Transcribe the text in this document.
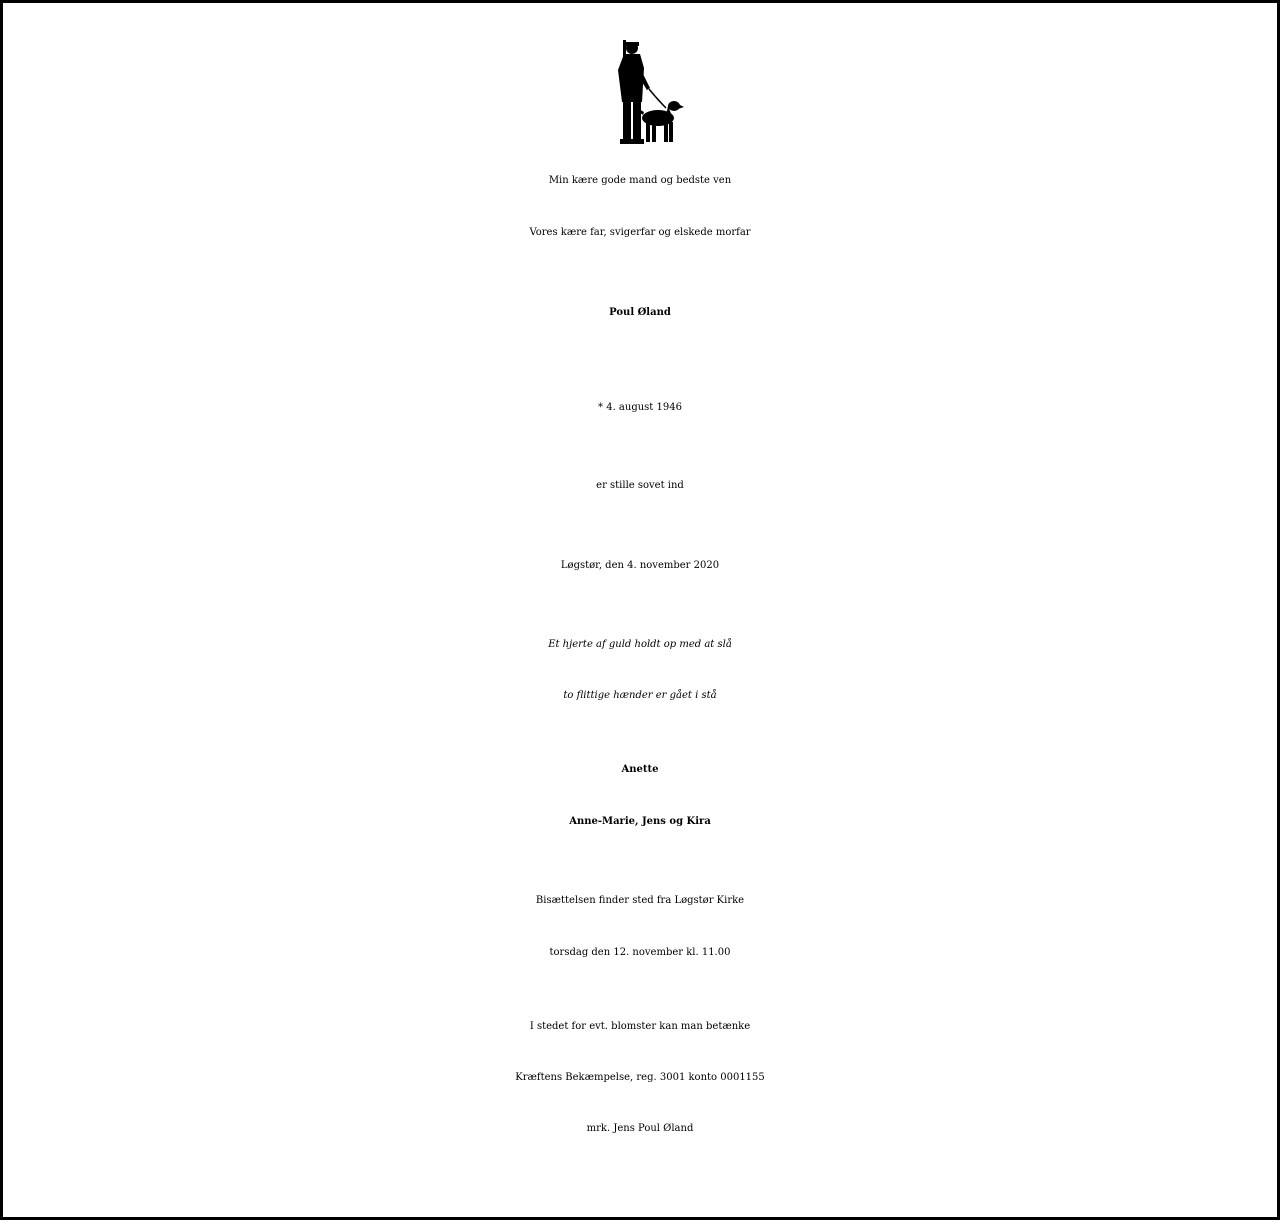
Min kære gode mand og bedste ven
Vores kære far, svigerfar og elskede morfar
Poul Øland
* 4. august 1946
er stille sovet ind
Løgstør, den 4. november 2020
Et hjerte af guld holdt op med at slå
to flittige hænder er gået i stå
Anette
Anne-Marie, Jens og Kira
Bisættelsen finder sted fra Løgstør Kirke
torsdag den 12. november kl. 11.00
I stedet for evt. blomster kan man betænke
Kræftens Bekæmpelse, reg. 3001 konto 0001155
mrk. Jens Poul Øland
